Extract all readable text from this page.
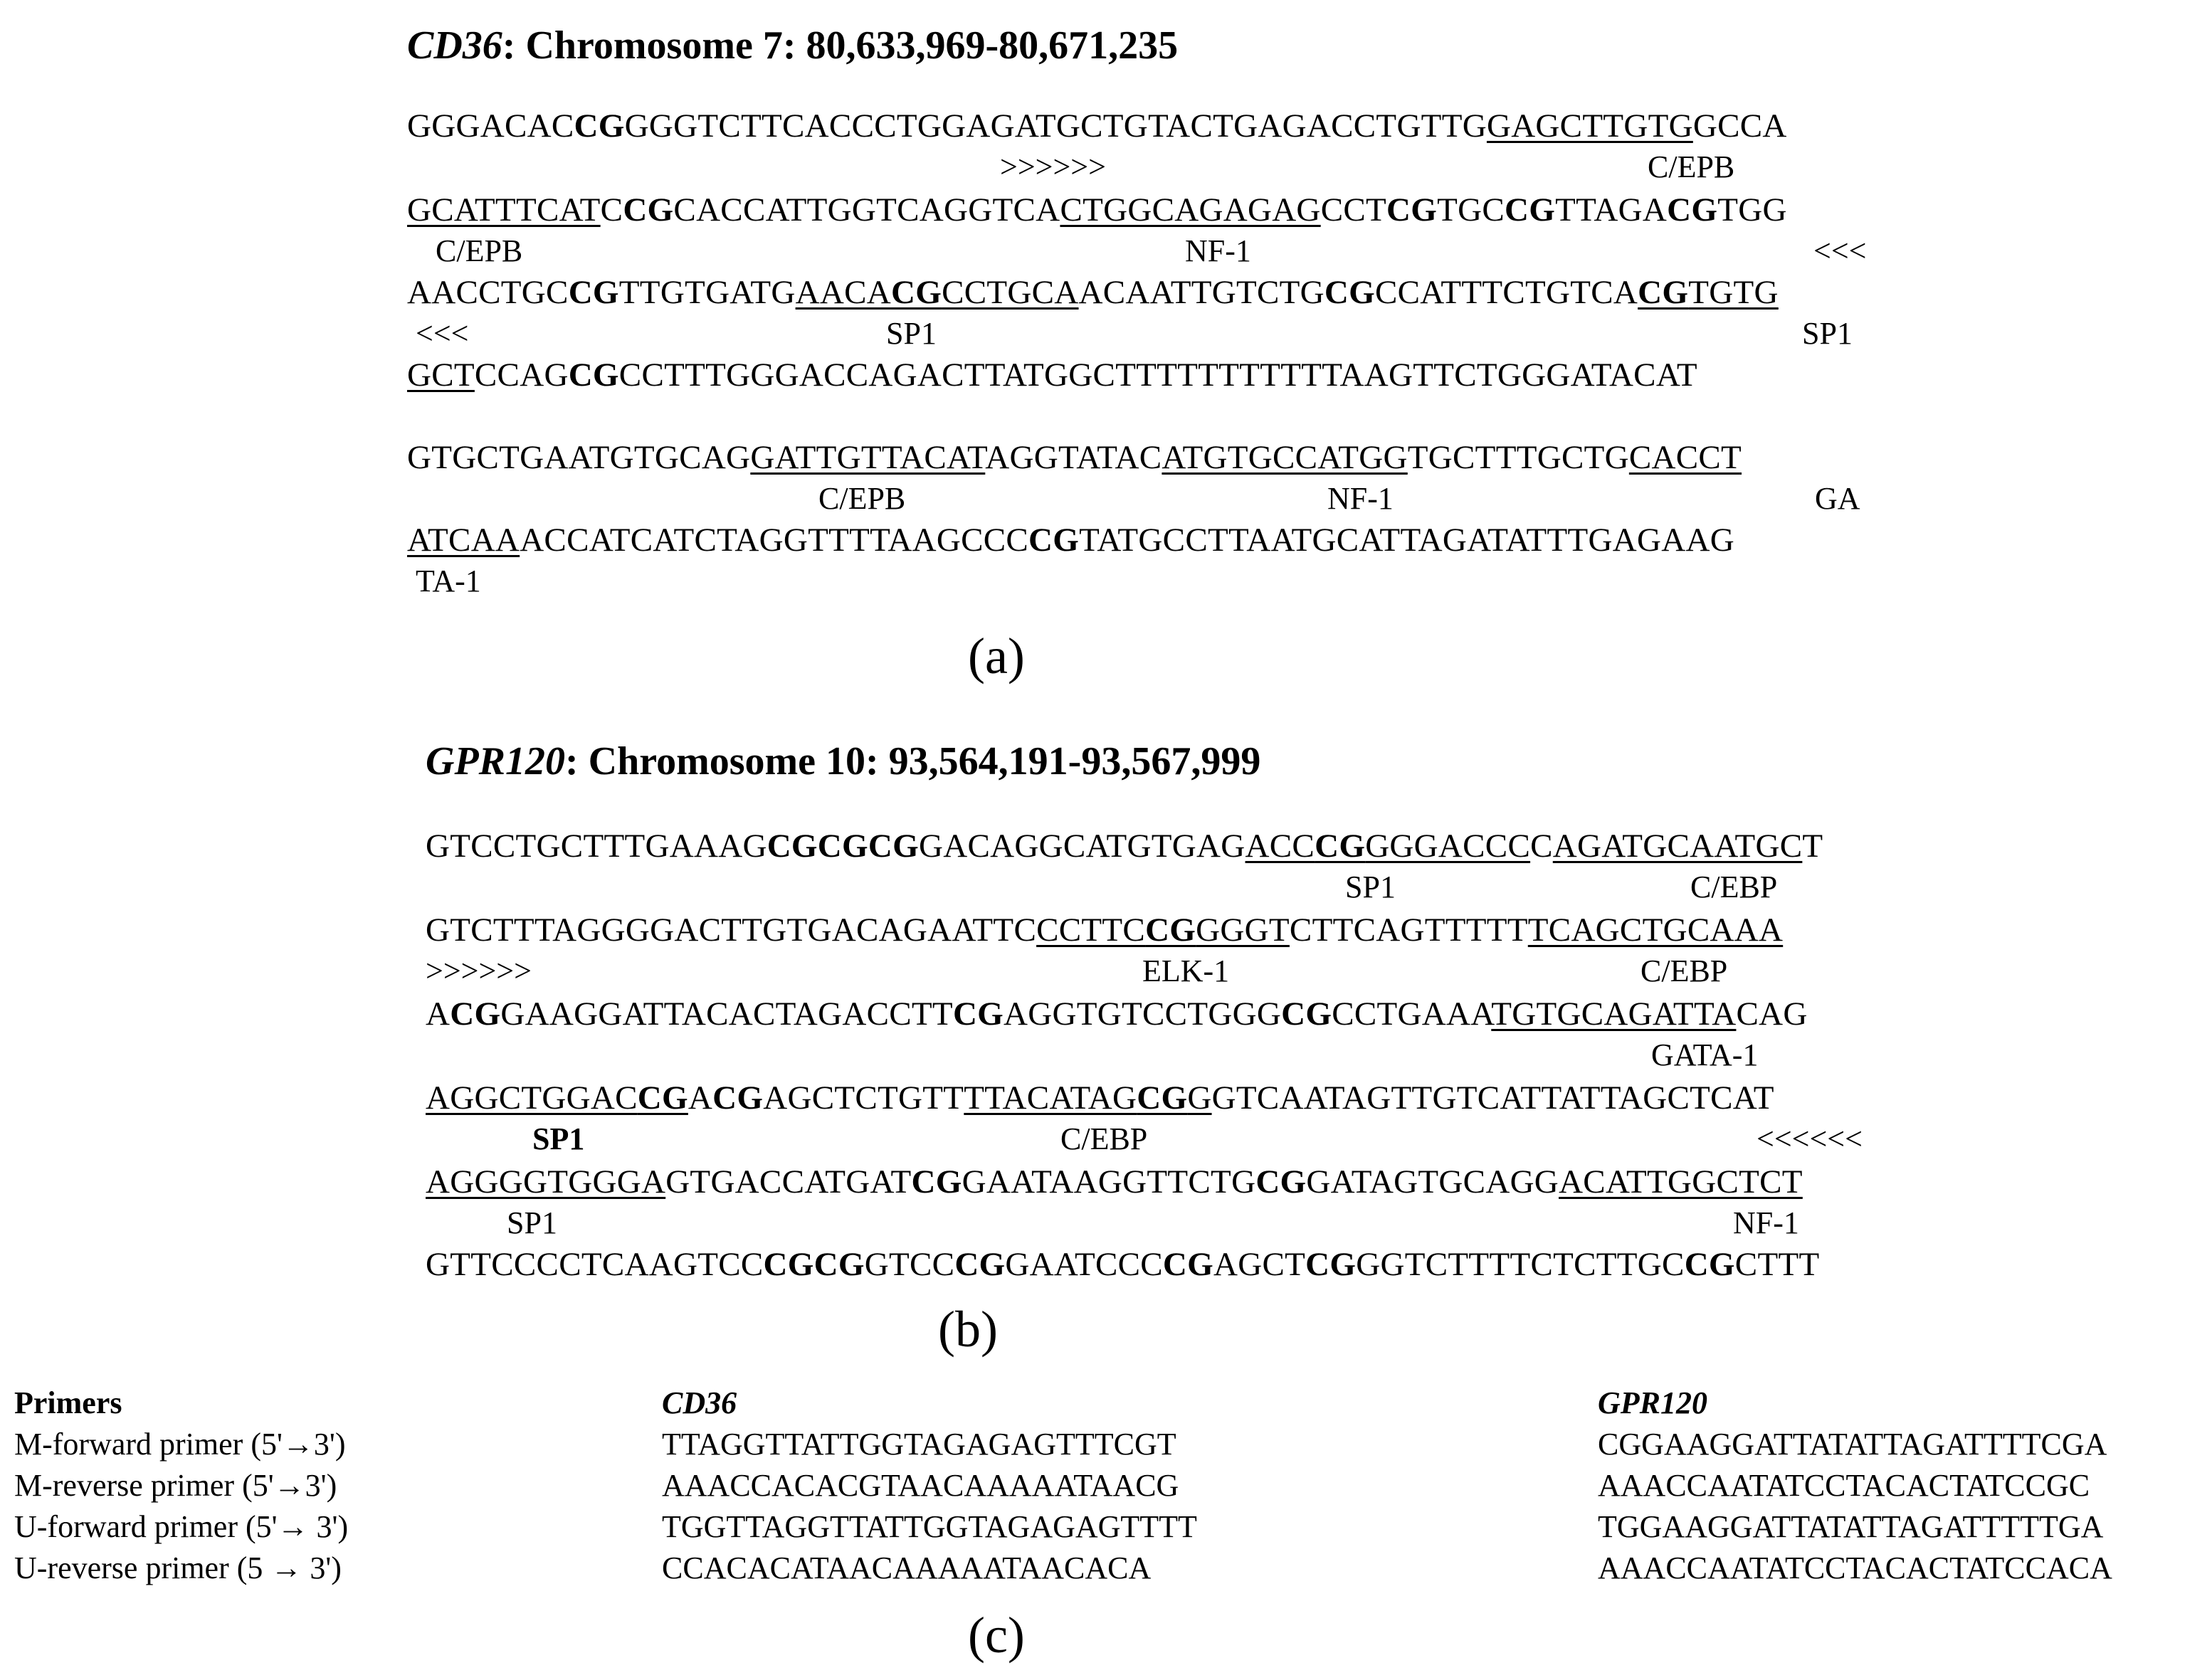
CD36: Chromosome 7: 80,633,969-80,671,235
GGGACACCGGGGTCTTCACCCTGGAGATGCTGTACTGAGACCTGTTGGAGCTTGTGGCCA
>>>>>>	C/EPB
GCATTTCATCCGCACCATTGGTCAGGTCACTGGCAGAGAGCCTCGTGCCGTTAGACGTGG
C/EPB	NF-1	<<<
AACCTGCCGTTGTGATGAACACGCCTGCAACAATTGTCTGCGCCATTTCTGTCACGTGTG
<<<	SP1	SP1
GCTCCAGCGCCTTTGGGACCAGACTTATGGCTTTTTTTTTTTAAGTTCTGGGATACAT
GTGCTGAATGTGCAGGATTGTTACATAGGTATACATGTGCCATGGTGCTTTGCTGCACCT
C/EPB	NF-1	GA
ATCAAACCATCATCTAGGTTTTAAGCCCCGTATGCCTTAATGCATTAGATATTTGAGAAG
TA-1
(a)
GPR120: Chromosome 10: 93,564,191-93,567,999
GTCCTGCTTTGAAAGCGCGCGGACAGGCATGTGAGACCCGGGGACCCCAGATGCAATGCT
SP1	C/EBP
GTCTTTAGGGGACTTGTGACAGAATTCCCTTCCGGGGTCTTCAGTTTTTTCAGCTGCAAA
>>>>>>	ELK-1	C/EBP
ACGGAAGGATTACACTAGACCTTCGAGGTGTCCTGGGCGCCTGAAATGTGCAGATTACAG
GATA-1
AGGCTGGACCGACGAGCTCTGTTTTACATAGCGGGTCAATAGTTGTCATTATTAGCTCAT
SP1	C/EBP	<<<<<<
AGGGGTGGGAGTGACCATGATCGGAATAAGGTTCTGCGGATAGTGCAGGACATTGGCTCT
SP1	NF-1
GTTCCCCTCAAGTCCCGCGGTCCCGGAATCCCCGAGCTCGGGTCTTTTCTCTTGCCGCTTT
(b)
Primers	CD36	GPR120
M-forward primer (5'→3')	TTAGGTTATTGGTAGAGAGTTTCGT	CGGAAGGATTATATTAGATTTTCGA
M-reverse primer (5'→3')	AAACCACACGTAACAAAAATAACG	AAACCAATATCCTACACTATCCGC
U-forward primer (5'→ 3')	TGGTTAGGTTATTGGTAGAGAGTTTT	TGGAAGGATTATATTAGATTTTTGA
U-reverse primer (5 → 3')	CCACACATAACAAAAATAACACA	AAACCAATATCCTACACTATCCACA
(c)
